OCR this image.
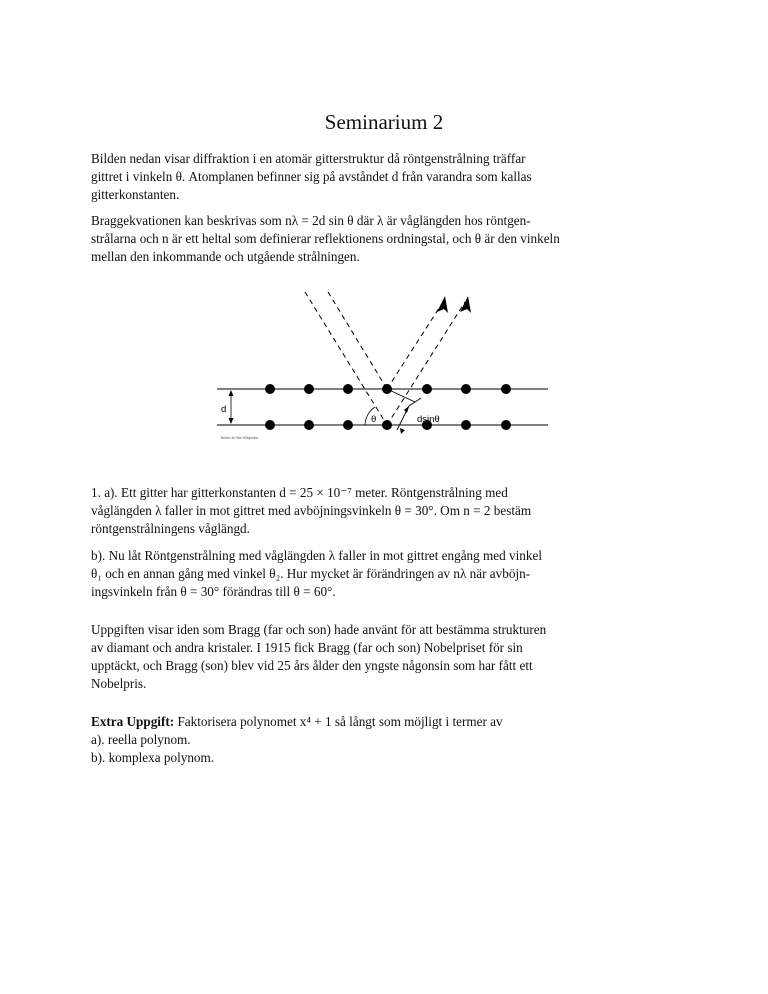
Seminarium 2
Bilden nedan visar diffraktion i en atomär gitterstruktur då röntgenstrålning träffar
gittret i vinkeln θ. Atomplanen befinner sig på avståndet d från varandra som kallas
gitterkonstanten.
Braggekvationen kan beskrivas som nλ = 2d sin θ där λ är våglängden hos röntgen-
strålarna och n är ett heltal som definierar reflektionens ordningstal, och θ är den vinkeln
mellan den inkommande och utgående strålningen.
d
dsinθ
θ
Bilden är från Wikipedia
1. a). Ett gitter har gitterkonstanten d = 25 × 10⁻⁷ meter. Röntgenstrålning med
våglängden λ faller in mot gittret med avböjningsvinkeln θ = 30°. Om n = 2 bestäm
röntgenstrålningens våglängd.
b). Nu låt Röntgenstrålning med våglängden λ faller in mot gittret engång med vinkel
θ₁ och en annan gång med vinkel θ₂. Hur mycket är förändringen av nλ när avböjn-
ingsvinkeln från θ = 30° förändras till θ = 60°.
Uppgiften visar iden som Bragg (far och son) hade använt för att bestämma strukturen
av diamant och andra kristaler. I 1915 fick Bragg (far och son) Nobelpriset för sin
upptäckt, och Bragg (son) blev vid 25 års ålder den yngste någonsin som har fått ett
Nobelpris.
Extra Uppgift: Faktorisera polynomet x⁴ + 1 så långt som möjligt i termer av
a). reella polynom.
b). komplexa polynom.
